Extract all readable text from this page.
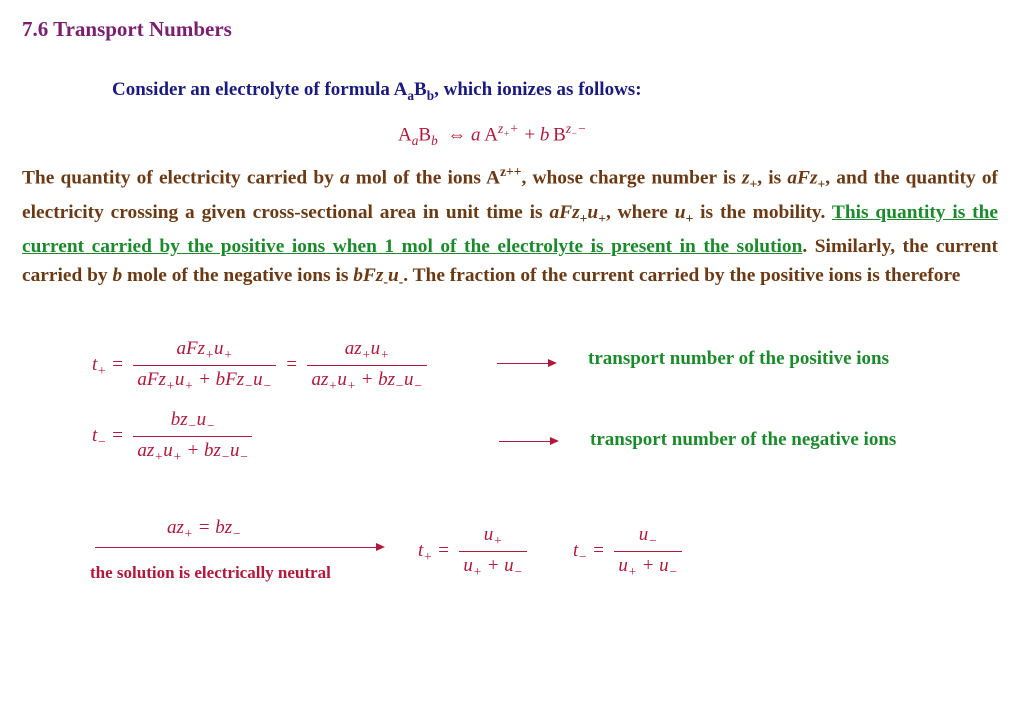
7.6 Transport Numbers
Consider an electrolyte of formula $A_aB_b$, which ionizes as follows:
$A_aB_b$  ⇔ a  $A^{z_++} + b$  $B^{z_--}$
The quantity of electricity carried by a mol of the ions $A^{z++}$, whose charge number is $z_+$, is aFz$_+$, and the quantity of electricity crossing a given cross-sectional area in unit time is $aFz_+u_+$, where $u_+$ is the mobility. This quantity is the current carried by the positive ions when 1 mol of the electrolyte is present in the solution. Similarly, the current carried by b mole of the negative ions is $bFz_-u_-$. The fraction of the current carried by the positive ions is therefore
$t_+ = \frac{aFz_+u_+}{aFz_+u_+ + bFz_-u_-} = \frac{az_+u_+}{az_+u_+ + bz_-u_-}$	transport number of the positive ions
$t_- = \frac{bz_-u_-}{az_+u_+ + bz_-u_-}$	transport number of the negative ions
$az_+ = bz_-$
the solution is electrically neutral
$t_+ = \frac{u_+}{u_+ + u_-} t_- = \frac{u_-}{u_+ + u_-}$
